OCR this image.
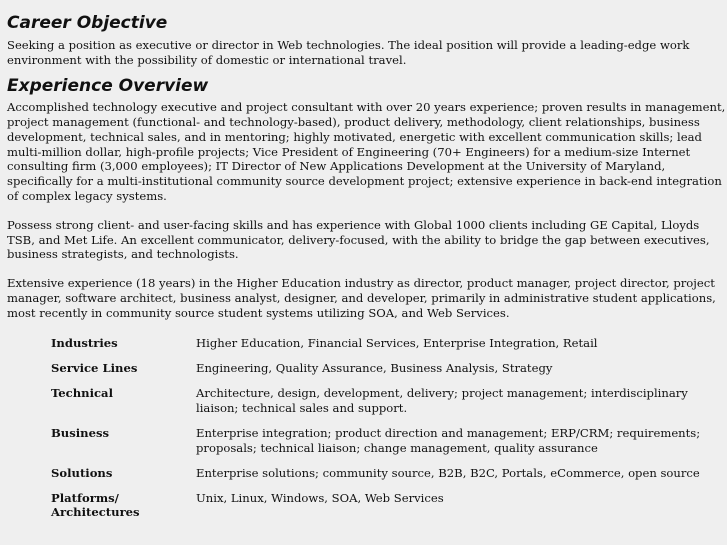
Career Objective

Seeking a position as executive or director in Web technologies. The ideal position will provide a leading-edge work environment with the possibility of domestic or international travel.

Experience Overview

Accomplished technology executive and project consultant with over 20 years experience; proven results in management, project management (functional- and technology-based), product delivery, methodology, client relationships, business development, technical sales, and in mentoring; highly motivated, energetic with excellent communication skills; lead multi-million dollar, high-profile projects; Vice President of Engineering (70+ Engineers) for a medium-size Internet consulting firm (3,000 employees); IT Director of New Applications Development at the University of Maryland, specifically for a multi-institutional community source development project; extensive experience in back-end integration of complex legacy systems.

Possess strong client- and user-facing skills and has experience with Global 1000 clients including GE Capital, Lloyds TSB, and Met Life. An excellent communicator, delivery-focused, with the ability to bridge the gap between executives, business strategists, and technologists.

Extensive experience (18 years) in the Higher Education industry as director, product manager, project director, project manager, software architect, business analyst, designer, and developer, primarily in administrative student applications, most recently in community source student systems utilizing SOA, and Web Services.

Industries	Higher Education, Financial Services, Enterprise Integration, Retail
Service Lines	Engineering, Quality Assurance, Business Analysis, Strategy
Technical	Architecture, design, development, delivery; project management; interdisciplinary liaison; technical sales and support.
Business	Enterprise integration; product direction and management; ERP/CRM; requirements; proposals; technical liaison; change management, quality assurance
Solutions	Enterprise solutions; community source, B2B, B2C, Portals, eCommerce, open source
Platforms/
Architectures	Unix, Linux, Windows, SOA, Web Services
